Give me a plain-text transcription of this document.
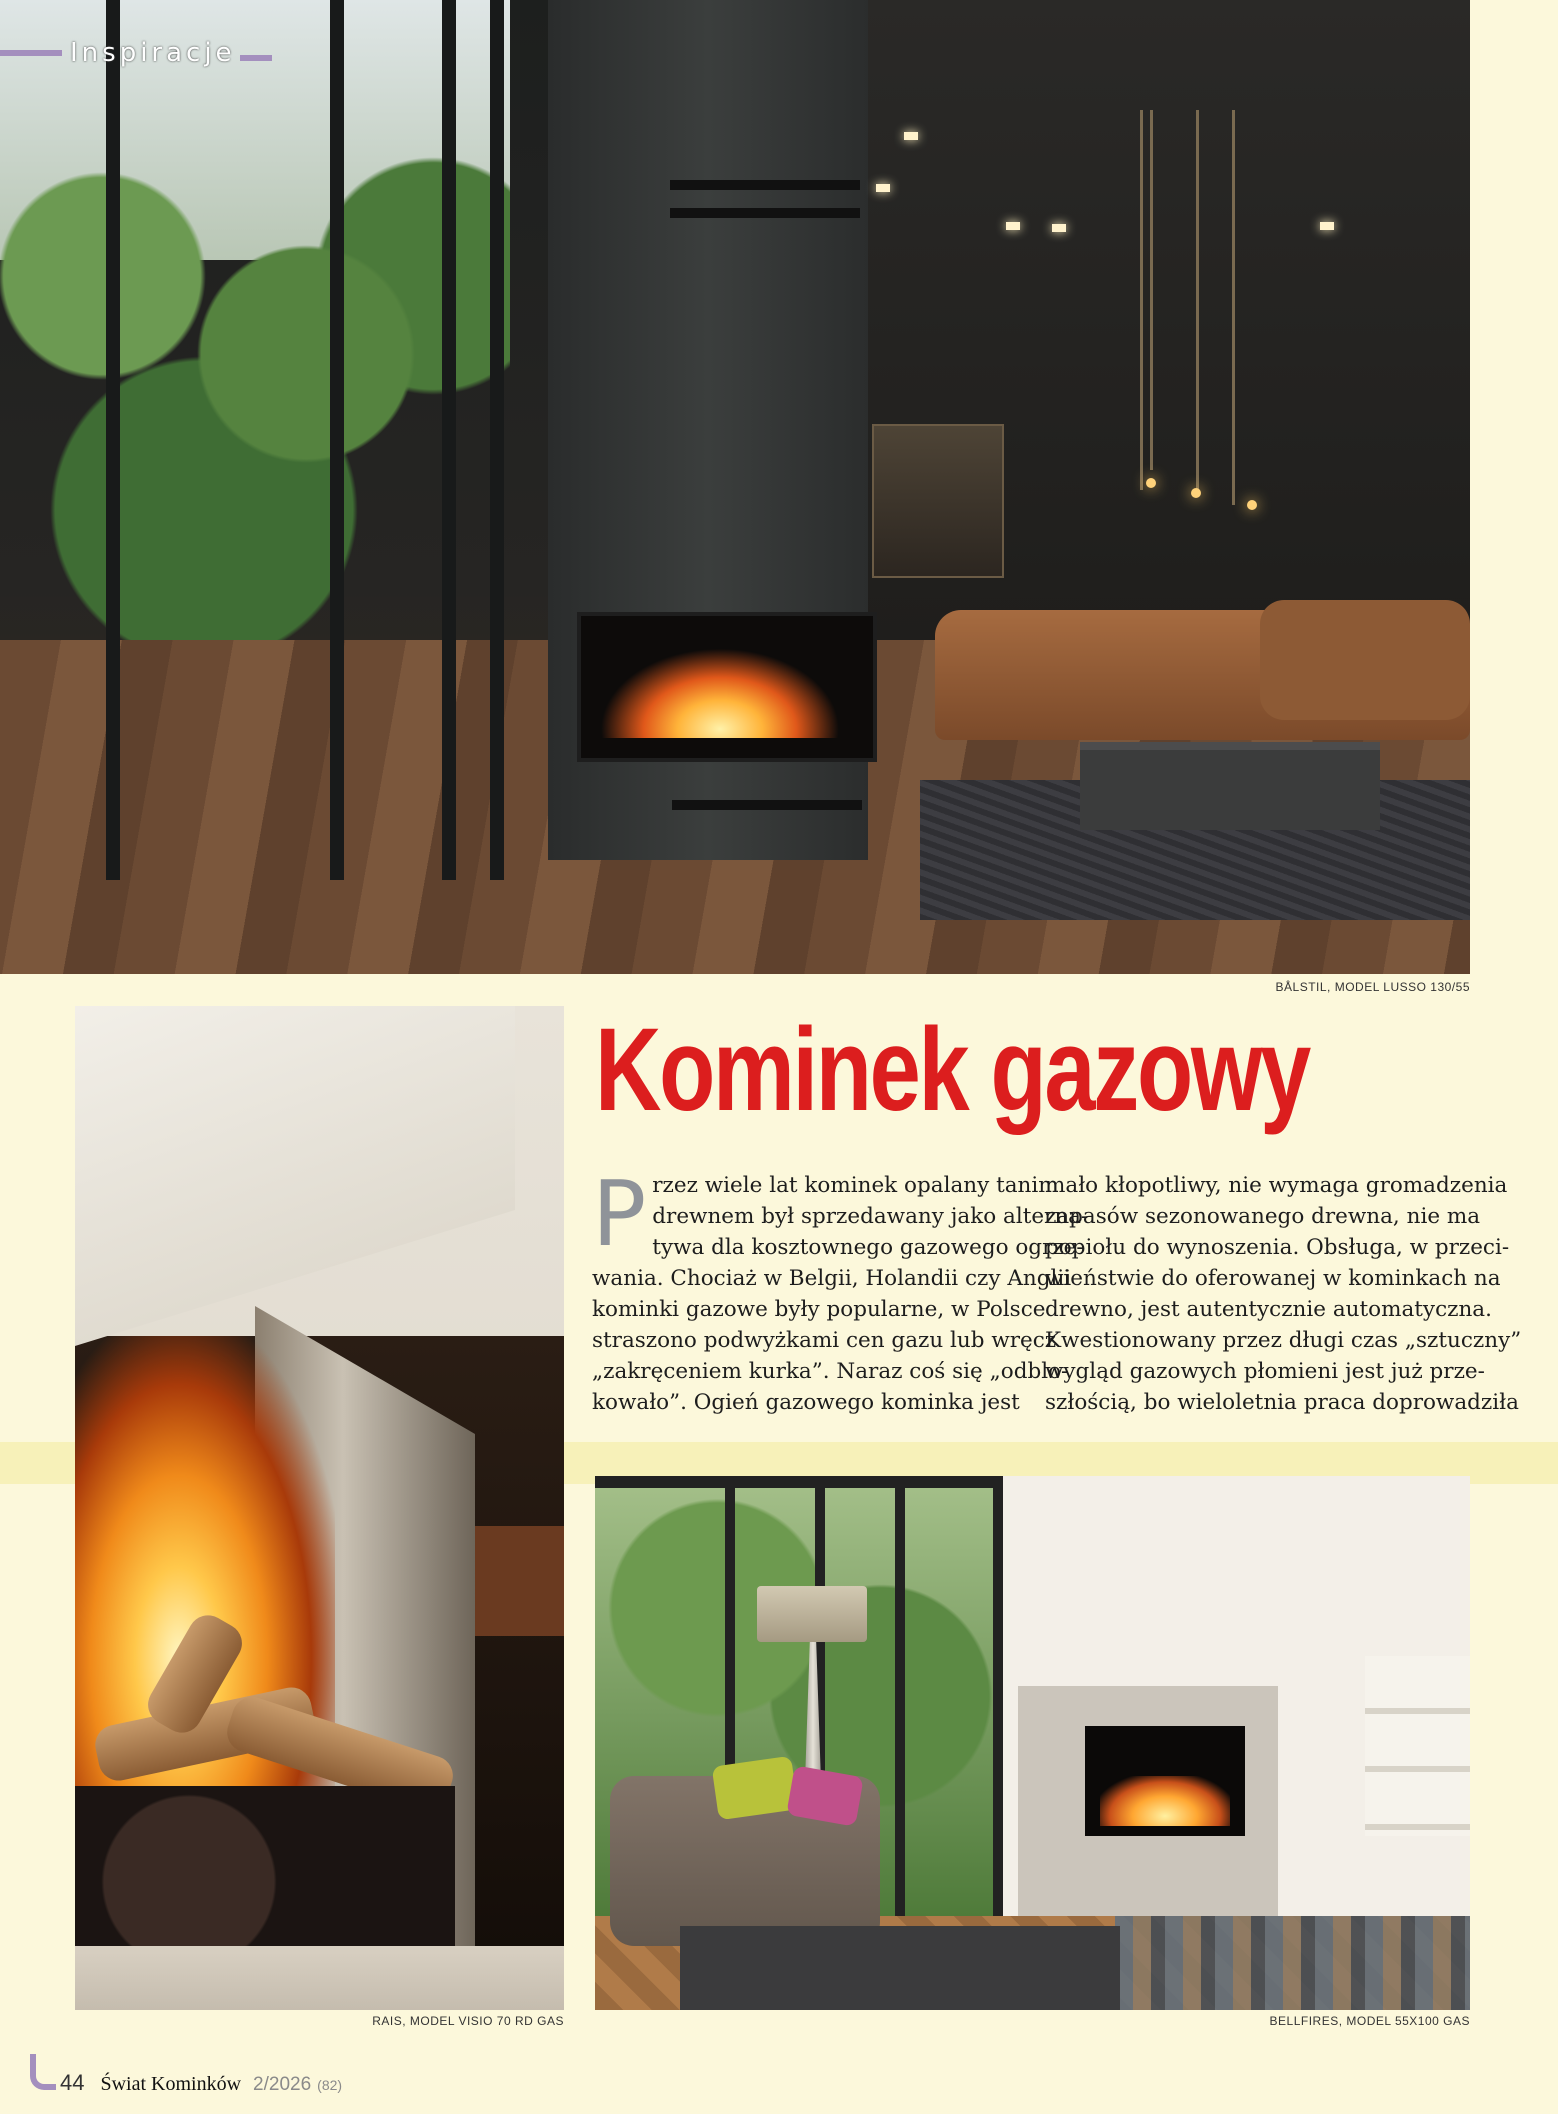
Inspiracje
BÅLSTIL, MODEL LUSSO 130/55
RAIS, MODEL VISIO 70 RD GAS
Kominek gazowy
P rzez wiele lat kominek opalany tanim
drewnem był sprzedawany jako alterna-
tywa dla kosztownego gazowego ogrze-
wania. Chociaż w Belgii, Holandii czy Anglii
kominki gazowe były popularne, w Polsce
straszono podwyżkami cen gazu lub wręcz
„zakręceniem kurka”. Naraz coś się „odblo-
kowało”. Ogień gazowego kominka jest
mało kłopotliwy, nie wymaga gromadzenia
zapasów sezonowanego drewna, nie ma
popiołu do wynoszenia. Obsługa, w przeci-
wieństwie do oferowanej w kominkach na
drewno, jest autentycznie automatyczna.
Kwestionowany przez długi czas „sztuczny”
wygląd gazowych płomieni jest już prze-
szłością, bo wieloletnia praca doprowadziła
BELLFIRES, MODEL 55X100 GAS
44 Świat Kominków 2/2026 (82)
